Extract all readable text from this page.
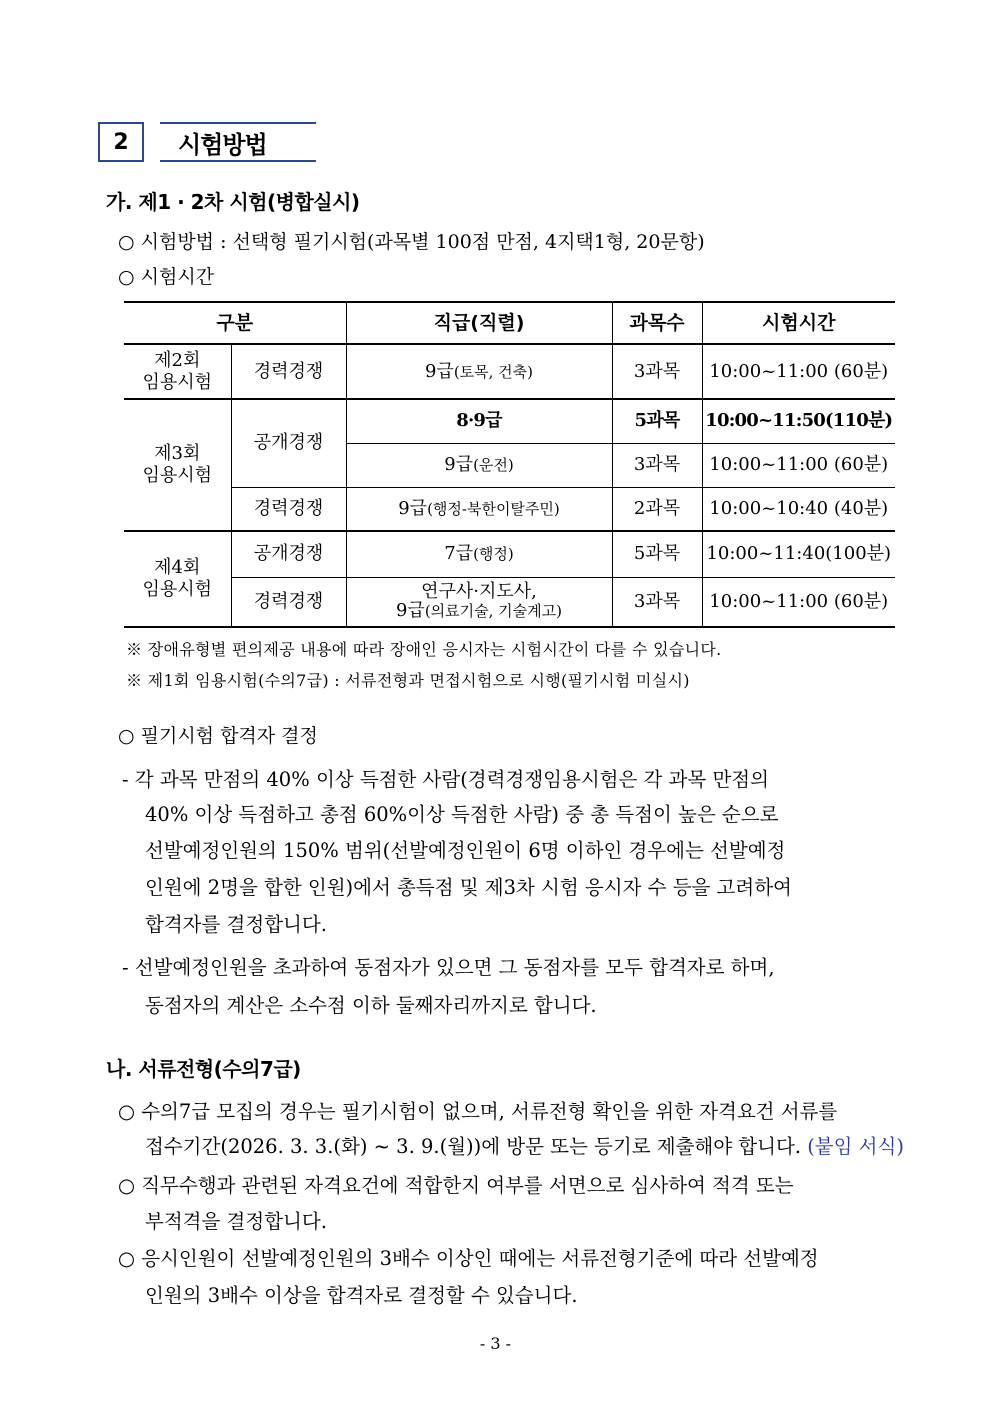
2	시험방법
가. 제1 · 2차 시험(병합실시)
○ 시험방법 : 선택형 필기시험(과목별 100점 만점, 4지택1형, 20문항)
○ 시험시간
구분		직급(직렬)	과목수	시험시간
제2회
임용시험	경력경쟁	9급(토목, 건축)	3과목	10:00~11:00 (60분)
제3회
임용시험	공개경쟁	8·9급	5과목	10:00~11:50(110분)
		9급(운전)	3과목	10:00~11:00 (60분)
	경력경쟁	9급(행정-북한이탈주민)	2과목	10:00~10:40 (40분)
제4회
임용시험	공개경쟁	7급(행정)	5과목	10:00~11:40(100분)
	경력경쟁	연구사·지도사,
9급(의료기술, 기술계고)	3과목	10:00~11:00 (60분)
※ 장애유형별 편의제공 내용에 따라 장애인 응시자는 시험시간이 다를 수 있습니다.
※ 제1회 임용시험(수의7급) : 서류전형과 면접시험으로 시행(필기시험 미실시)
○ 필기시험 합격자 결정
- 각 과목 만점의 40% 이상 득점한 사람(경력경쟁임용시험은 각 과목 만점의
40% 이상 득점하고 총점 60%이상 득점한 사람) 중 총 득점이 높은 순으로
선발예정인원의 150% 범위(선발예정인원이 6명 이하인 경우에는 선발예정
인원에 2명을 합한 인원)에서 총득점 및 제3차 시험 응시자 수 등을 고려하여
합격자를 결정합니다.
- 선발예정인원을 초과하여 동점자가 있으면 그 동점자를 모두 합격자로 하며,
동점자의 계산은 소수점 이하 둘째자리까지로 합니다.
나. 서류전형(수의7급)
○ 수의7급 모집의 경우는 필기시험이 없으며, 서류전형 확인을 위한 자격요건 서류를
접수기간(2026. 3. 3.(화) ~ 3. 9.(월))에 방문 또는 등기로 제출해야 합니다. (붙임 서식)
○ 직무수행과 관련된 자격요건에 적합한지 여부를 서면으로 심사하여 적격 또는
부적격을 결정합니다.
○ 응시인원이 선발예정인원의 3배수 이상인 때에는 서류전형기준에 따라 선발예정
인원의 3배수 이상을 합격자로 결정할 수 있습니다.
- 3 -
